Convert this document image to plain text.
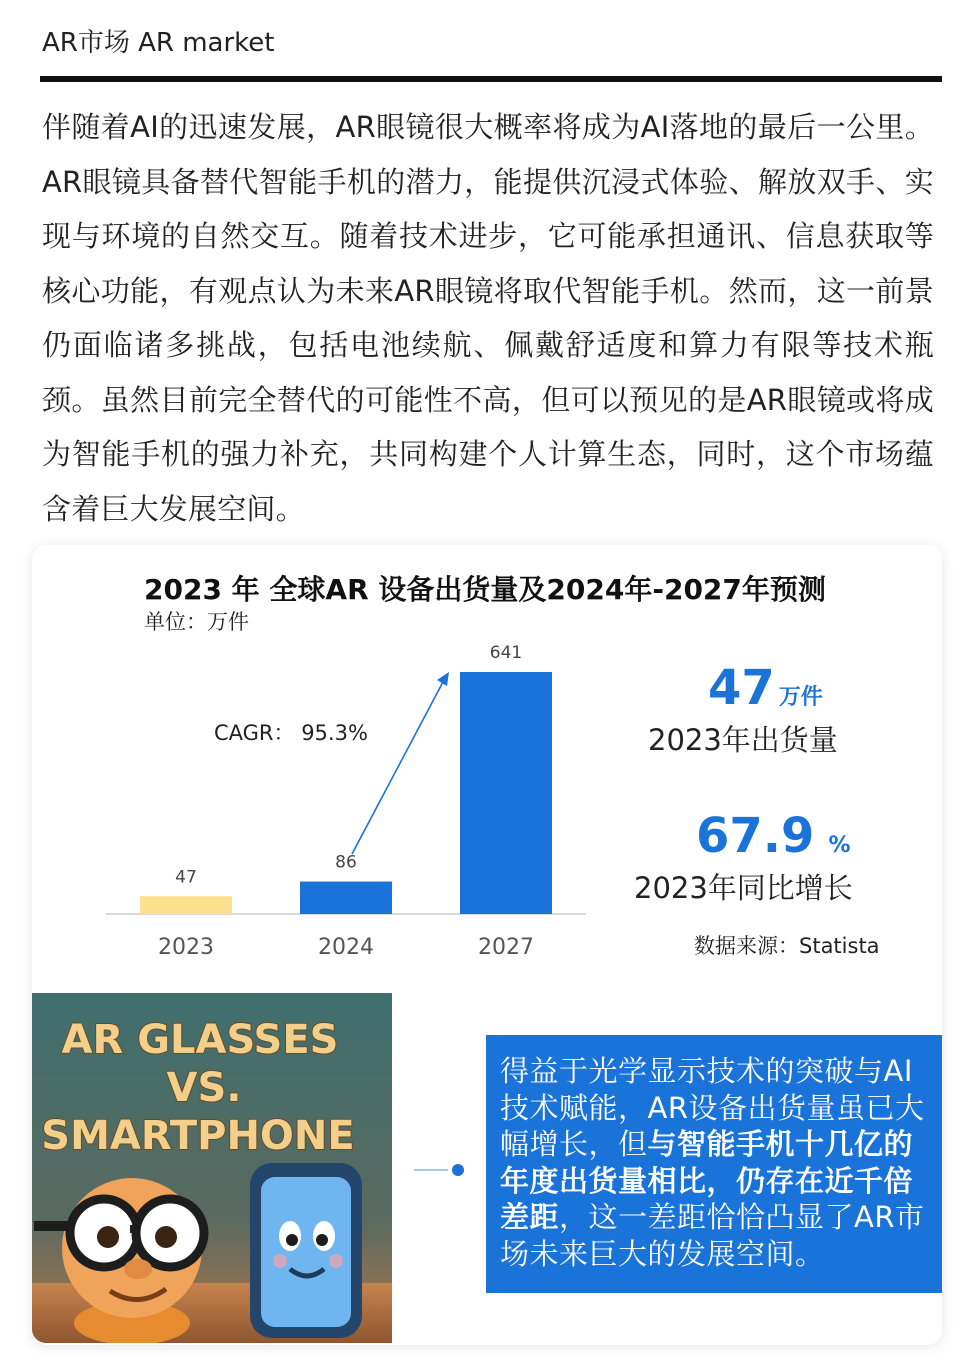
AR市场 AR market
伴随着AI的迅速发展，AR眼镜很大概率将成为AI落地的最后一公里。AR眼镜具备替代智能手机的潜力，能提供沉浸式体验、解放双手、实现与环境的自然交互。随着技术进步，它可能承担通讯、信息获取等核心功能，有观点认为未来AR眼镜将取代智能手机。然而，这一前景仍面临诸多挑战，包括电池续航、佩戴舒适度和算力有限等技术瓶颈。虽然目前完全替代的可能性不高，但可以预见的是AR眼镜或将成为智能手机的强力补充，共同构建个人计算生态，同时，这个市场蕴含着巨大发展空间。
2023 年 全球AR 设备出货量及2024年-2027年预测
单位：万件
47
2023
86
2024
641
2027
CAGR： 95.3%
47 万件
2023年出货量
67.9 %
2023年同比增长
数据来源：Statista
AR GLASSES
VS.
SMARTPHONE
得益于光学显示技术的突破与AI技术赋能，AR设备出货量虽已大幅增长，但与智能手机十几亿的年度出货量相比，仍存在近千倍差距，这一差距恰恰凸显了AR市场未来巨大的发展空间。
